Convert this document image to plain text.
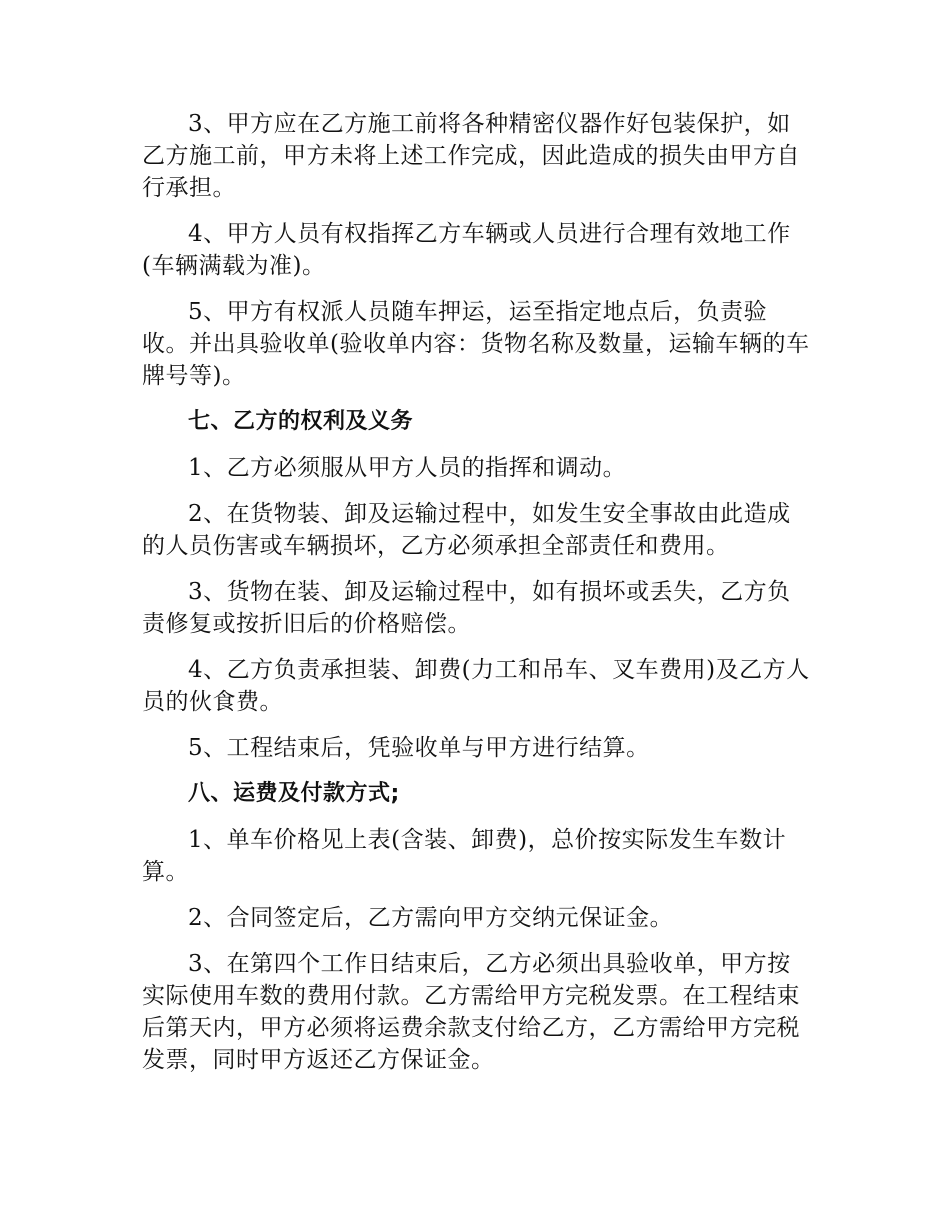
3、甲方应在乙方施工前将各种精密仪器作好包装保护，如乙方施工前，甲方未将上述工作完成，因此造成的损失由甲方自行承担。

4、甲方人员有权指挥乙方车辆或人员进行合理有效地工作(车辆满载为准)。

5、甲方有权派人员随车押运，运至指定地点后，负责验收。并出具验收单(验收单内容：货物名称及数量，运输车辆的车牌号等)。

七、乙方的权利及义务

1、乙方必须服从甲方人员的指挥和调动。

2、在货物装、卸及运输过程中，如发生安全事故由此造成的人员伤害或车辆损坏，乙方必须承担全部责任和费用。

3、货物在装、卸及运输过程中，如有损坏或丢失，乙方负责修复或按折旧后的价格赔偿。

4、乙方负责承担装、卸费(力工和吊车、叉车费用)及乙方人员的伙食费。

5、工程结束后，凭验收单与甲方进行结算。

八、运费及付款方式;

1、单车价格见上表(含装、卸费)，总价按实际发生车数计算。

2、合同签定后，乙方需向甲方交纳元保证金。

3、在第四个工作日结束后，乙方必须出具验收单，甲方按实际使用车数的费用付款。乙方需给甲方完税发票。在工程结束后第天内，甲方必须将运费余款支付给乙方，乙方需给甲方完税发票，同时甲方返还乙方保证金。
